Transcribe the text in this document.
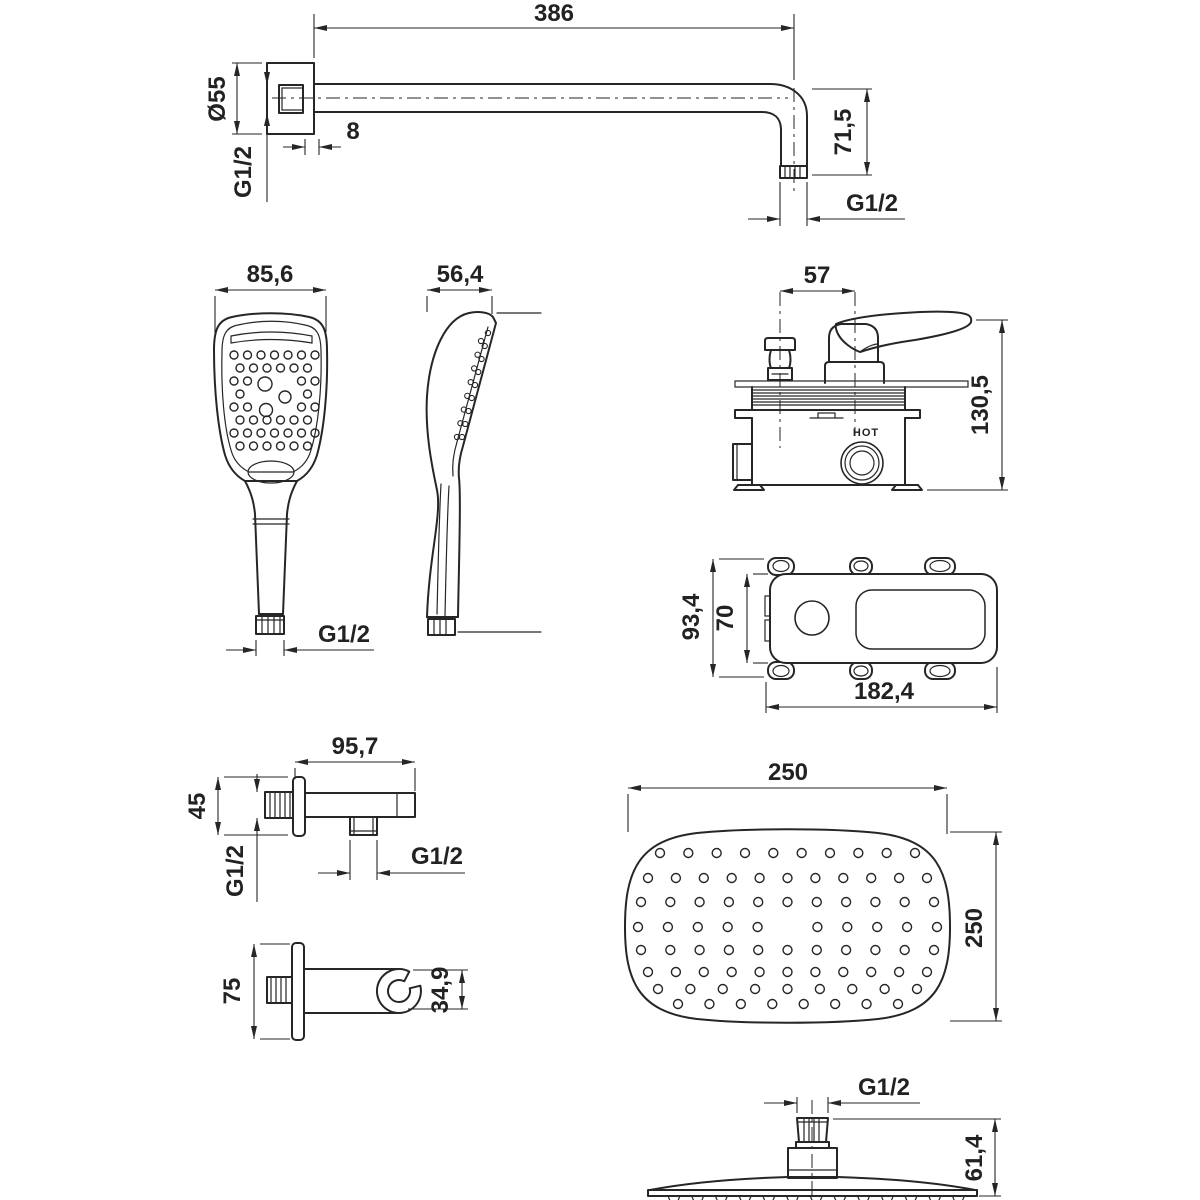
386
Ø55
G1/2
8	71,5
G1/2
85,6
G1/2
56,4	57
HOT	130,5
93,4 70
182,4
95,7
45
G1/2	G1/2
75	34,9
250
250
G1/2
61,4
